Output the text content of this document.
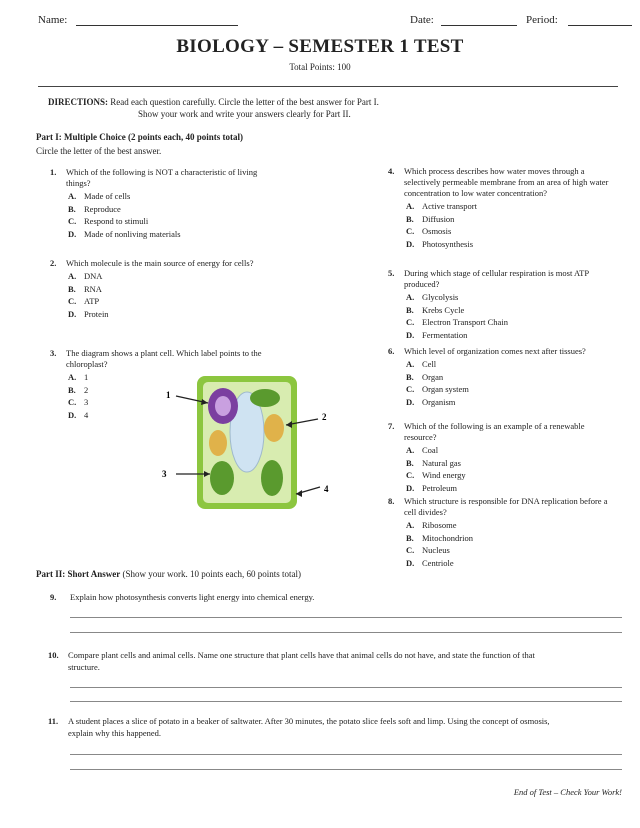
Name:	Date:	Period:
BIOLOGY – SEMESTER 1 TEST
Total Points: 100
DIRECTIONS: Read each question carefully. Circle the letter of the best answer for Part I.
Show your work and write your answers clearly for Part II.
Part I: Multiple Choice (2 points each, 40 points total)
Circle the letter of the best answer.
1. Which of the following is NOT a characteristic of living things?
A. Made of cells
B. Reproduce
C. Respond to stimuli
D. Made of nonliving materials
2. Which molecule is the main source of energy for cells?
A. DNA
B. RNA
C. ATP
D. Protein
3. The diagram shows a plant cell. Which label points to the chloroplast?
A. 1
B. 2
C. 3
D. 4
1
2
3
4
4. Which process describes how water moves through a selectively permeable membrane from an area of high water concentration to low water concentration?
A. Active transport
B. Diffusion
C. Osmosis
D. Photosynthesis
5. During which stage of cellular respiration is most ATP produced?
A. Glycolysis
B. Krebs Cycle
C. Electron Transport Chain
D. Fermentation
6. Which level of organization comes next after tissues?
A. Cell
B. Organ
C. Organ system
D. Organism
7. Which of the following is an example of a renewable resource?
A. Coal
B. Natural gas
C. Wind energy
D. Petroleum
8. Which structure is responsible for DNA replication before a cell divides?
A. Ribosome
B. Mitochondrion
C. Nucleus
D. Centriole
Part II: Short Answer (Show your work. 10 points each, 60 points total)
9. Explain how photosynthesis converts light energy into chemical energy.
10. Compare plant cells and animal cells. Name one structure that plant cells have that animal cells do not have, and state the function of that structure.
11. A student places a slice of potato in a beaker of saltwater. After 30 minutes, the potato slice feels soft and limp. Using the concept of osmosis, explain why this happened.
End of Test – Check Your Work!
